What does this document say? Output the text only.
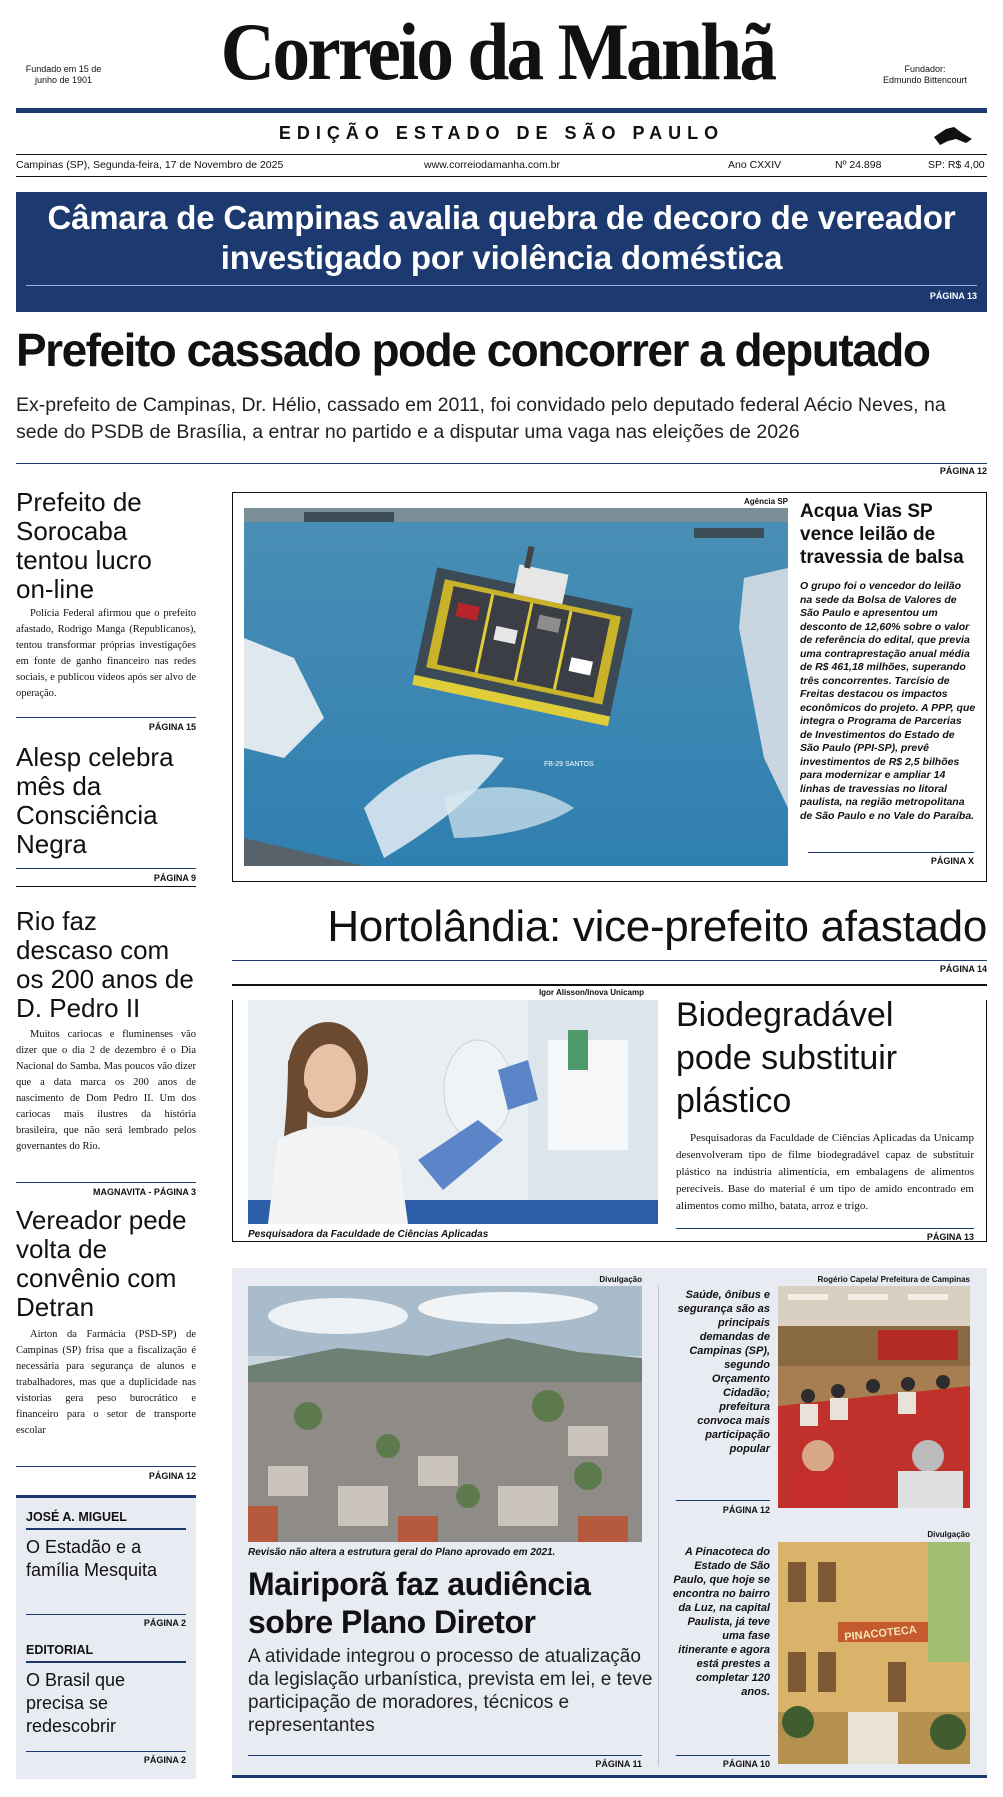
Fundado em 15 de junho de 1901	Correio da Manhã	Fundador:
Edmundo Bittencourt
EDIÇÃO ESTADO DE SÃO PAULO
Campinas (SP), Segunda-feira, 17 de Novembro de 2025	www.correiodamanha.com.br	Ano CXXIV	Nº 24.898	SP: R$ 4,00
Câmara de Campinas avalia quebra de decoro de vereador investigado por violência doméstica
PÁGINA 13
Prefeito cassado pode concorrer a deputado
Ex-prefeito de Campinas, Dr. Hélio, cassado em 2011, foi convidado pelo deputado federal Aécio Neves, na sede do PSDB de Brasília, a entrar no partido e a disputar uma vaga nas eleições de 2026
PÁGINA 12
Prefeito de Sorocaba tentou lucro on-line
Polícia Federal afirmou que o prefeito afastado, Rodrigo Manga (Republicanos), tentou transformar próprias investigações em fonte de ganho financeiro nas redes sociais, e publicou vídeos após ser alvo de operação.
PÁGINA 15
Alesp celebra mês da Consciência Negra
PÁGINA 9
Rio faz descaso com os 200 anos de D. Pedro II
Muitos cariocas e fluminenses vão dizer que o dia 2 de dezembro é o Dia Nacional do Samba. Mas poucos vão dizer que a data marca os 200 anos de nascimento de Dom Pedro II. Um dos cariocas mais ilustres da história brasileira, que não será lembrado pelos governantes do Rio.
MAGNAVITA - PÁGINA 3
Vereador pede volta de convênio com Detran
Airton da Farmácia (PSD-SP) de Campinas (SP) frisa que a fiscalização é necessária para segurança de alunos e trabalhadores, mas que a duplicidade nas vistorias gera peso burocrático e financeiro para o setor de transporte escolar
PÁGINA 12
JOSÉ A. MIGUEL
O Estadão e a família Mesquita
PÁGINA 2
EDITORIAL
O Brasil que precisa se redescobrir
PÁGINA 2
Agência SP
FB-29 SANTOS
Acqua Vias SP vence leilão de travessia de balsa
O grupo foi o vencedor do leilão na sede da Bolsa de Valores de São Paulo e apresentou um desconto de 12,60% sobre o valor de referência do edital, que previa uma contraprestação anual média de R$ 461,18 milhões, superando três concorrentes. Tarcísio de Freitas destacou os impactos econômicos do projeto. A PPP, que integra o Programa de Parcerias de Investimentos do Estado de São Paulo (PPI-SP), prevê investimentos de R$ 2,5 bilhões para modernizar e ampliar 14 linhas de travessias no litoral paulista, na região metropolitana de São Paulo e no Vale do Paraíba.
PÁGINA X
Hortolândia: vice-prefeito afastado
PÁGINA 14
Igor Alisson/Inova Unicamp
Pesquisadora da Faculdade de Ciências Aplicadas
Biodegradável pode substituir plástico
Pesquisadoras da Faculdade de Ciências Aplicadas da Unicamp desenvolveram tipo de filme biodegradável capaz de substituir plástico na indústria alimentícia, em embalagens de alimentos perecíveis. Base do material é um tipo de amido encontrado em alimentos como milho, batata, arroz e trigo.
PÁGINA 13
Divulgação
Revisão não altera a estrutura geral do Plano aprovado em 2021.
Mairiporã faz audiência sobre Plano Diretor
A atividade integrou o processo de atualização da legislação urbanística, prevista em lei, e teve participação de moradores, técnicos e representantes
PÁGINA 11
Rogério Capela/ Prefeitura de Campinas
Saúde, ônibus e segurança são as principais demandas de Campinas (SP), segundo Orçamento Cidadão; prefeitura convoca mais participação popular
PÁGINA 12
Divulgação
A Pinacoteca do Estado de São Paulo, que hoje se encontra no bairro da Luz, na capital Paulista, já teve uma fase itinerante e agora está prestes a completar 120 anos.
PINACOTECA
PÁGINA 10
